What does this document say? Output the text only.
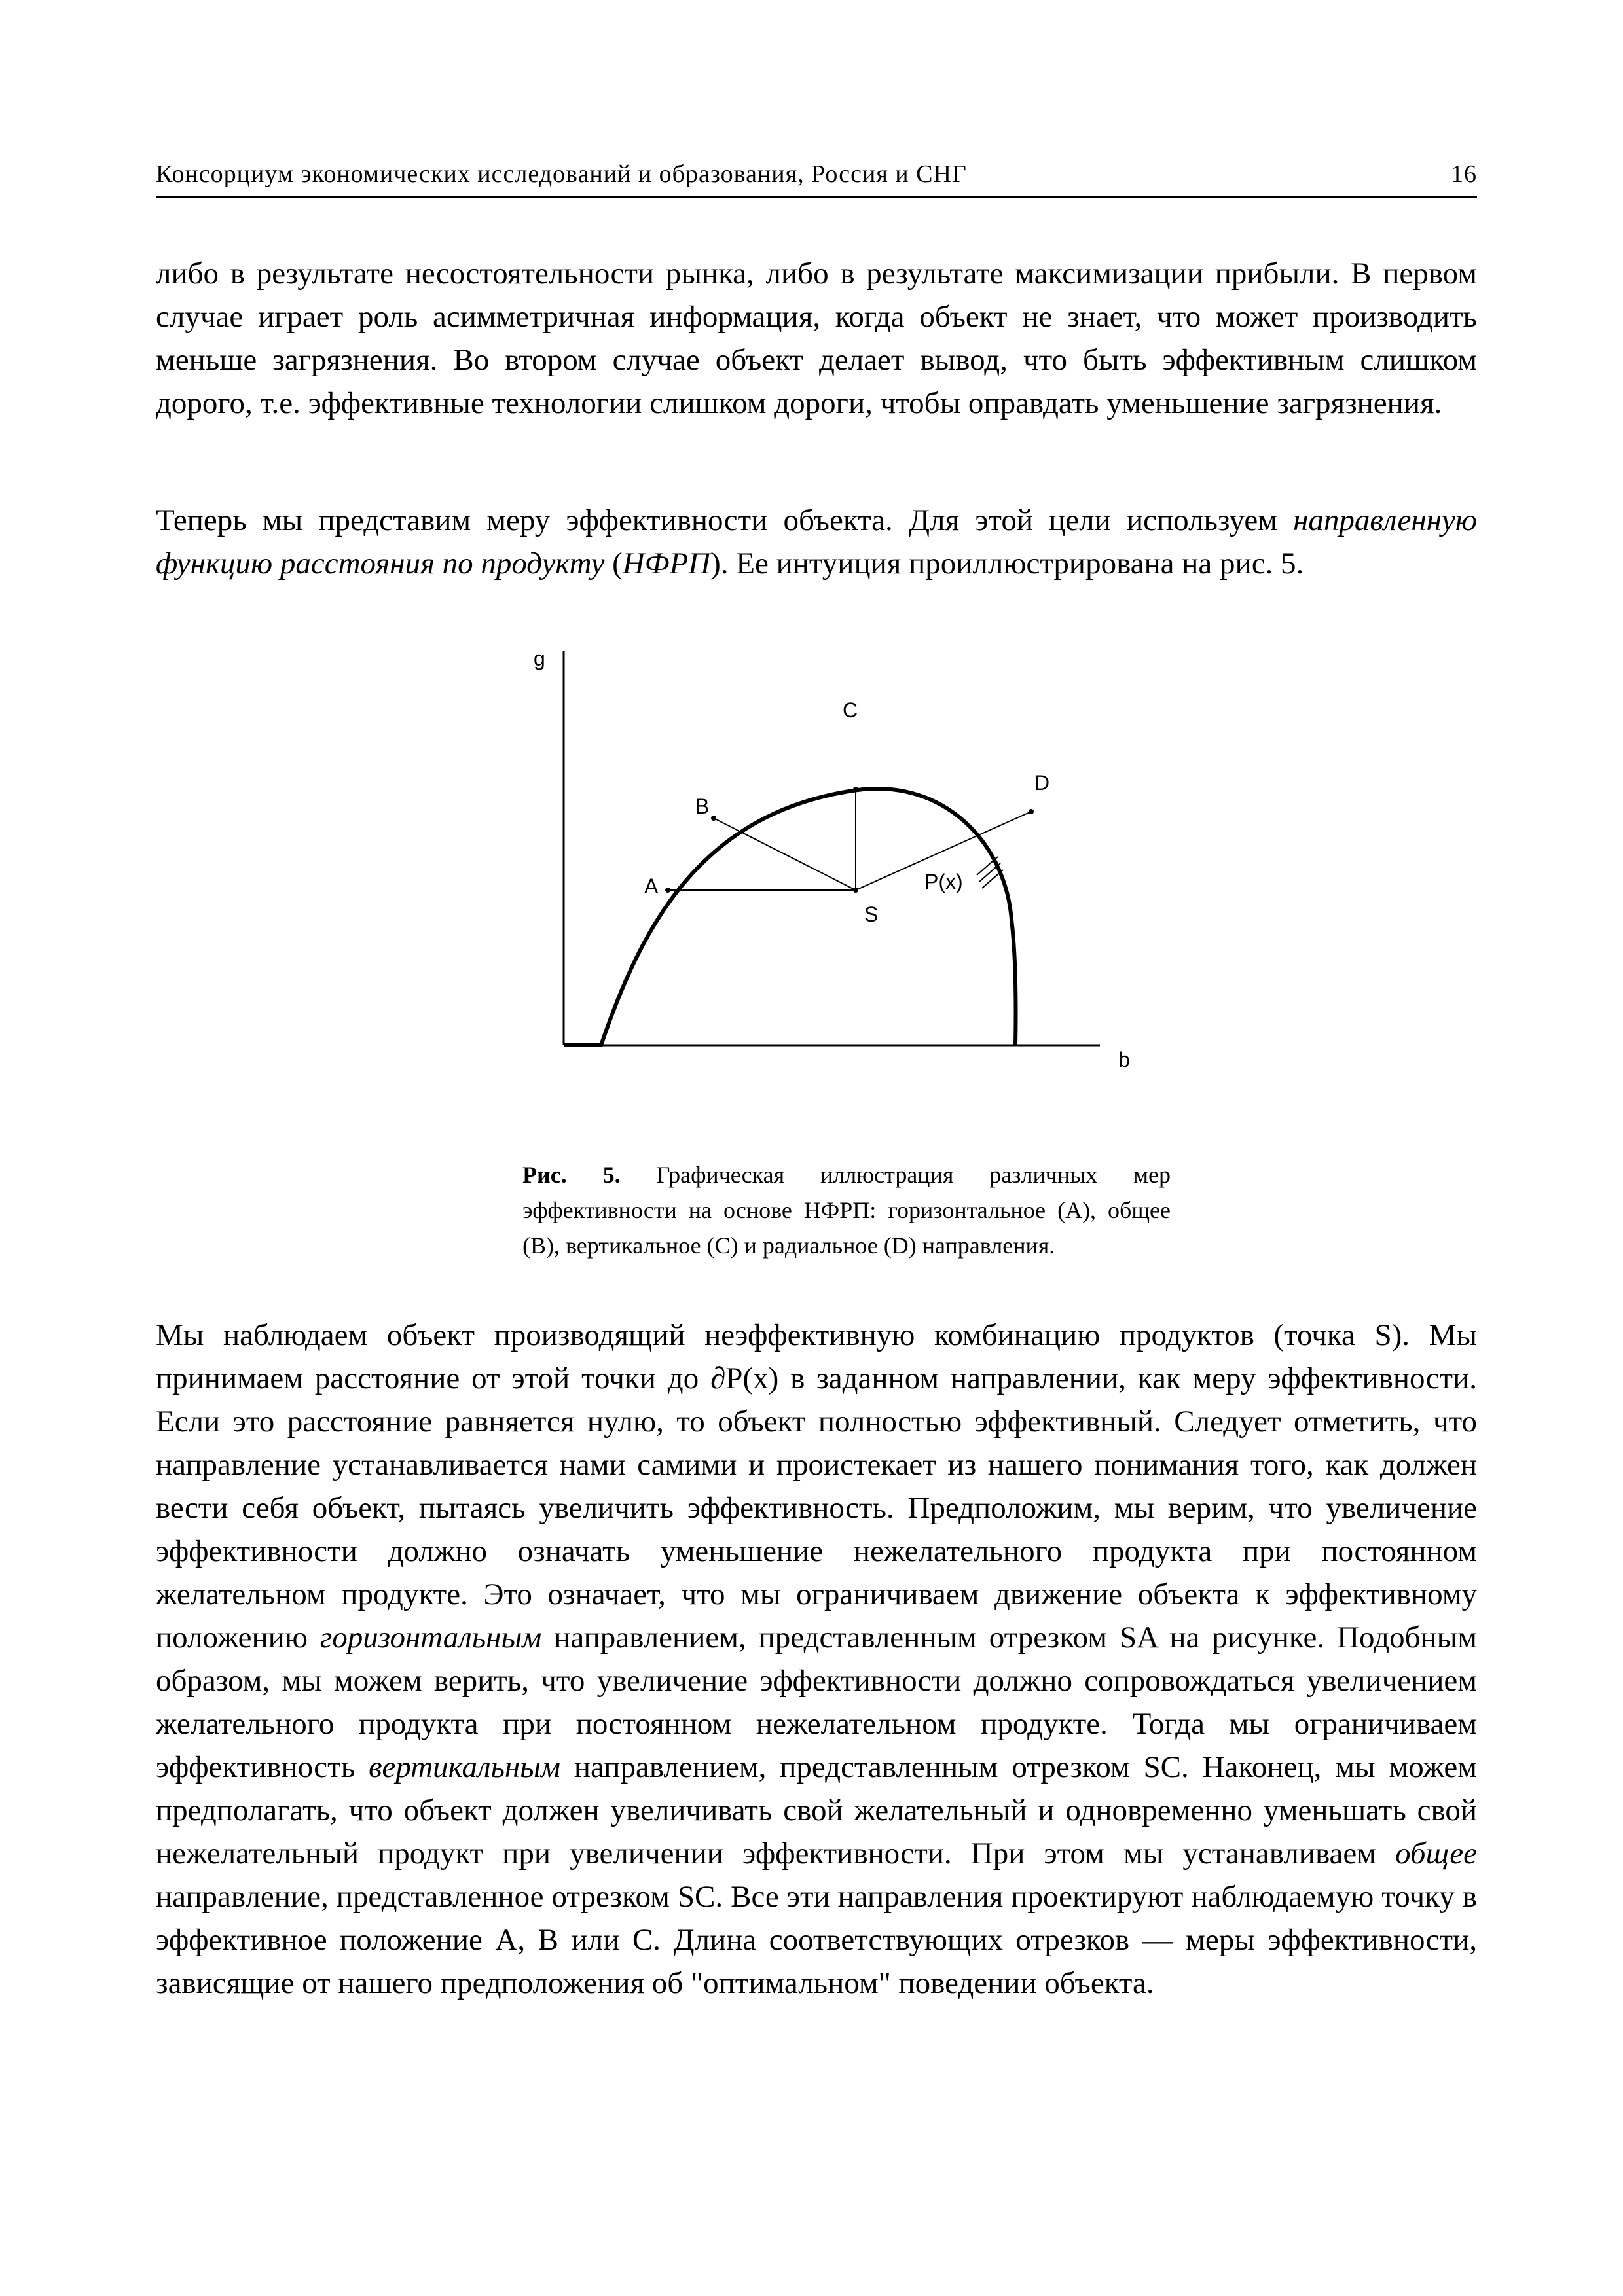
Консорциум экономических исследований и образования, Россия и СНГ	16

либо в результате несостоятельности рынка, либо в результате максимизации прибыли. В первом случае играет роль асимметричная информация, когда объект не знает, что может производить меньше загрязнения. Во втором случае объект делает вывод, что быть эффективным слишком дорого, т.е. эффективные технологии слишком дороги, чтобы оправдать уменьшение загрязнения.

Теперь мы представим меру эффективности объекта. Для этой цели используем направленную функцию расстояния по продукту (НФРП). Ее интуиция проиллюстрирована на рис. 5.

g
b
P(x)
A
B
C
D
S

Рис. 5. Графическая иллюстрация различных мер эффективности на основе НФРП: горизонтальное (A), общее (B), вертикальное (C) и радиальное (D) направления.

Мы наблюдаем объект производящий неэффективную комбинацию продуктов (точка S). Мы принимаем расстояние от этой точки до ∂P(x) в заданном направлении, как меру эффективности. Если это расстояние равняется нулю, то объект полностью эффективный. Следует отметить, что направление устанавливается нами самими и проистекает из нашего понимания того, как должен вести себя объект, пытаясь увеличить эффективность. Предположим, мы верим, что увеличение эффективности должно означать уменьшение нежелательного продукта при постоянном желательном продукте. Это означает, что мы ограничиваем движение объекта к эффективному положению горизонтальным направлением, представленным отрезком SA на рисунке. Подобным образом, мы можем верить, что увеличение эффективности должно сопровождаться увеличением желательного продукта при постоянном нежелательном продукте. Тогда мы ограничиваем эффективность вертикальным направлением, представленным отрезком SC. Наконец, мы можем предполагать, что объект должен увеличивать свой желательный и одновременно уменьшать свой нежелательный продукт при увеличении эффективности. При этом мы устанавливаем общее направление, представленное отрезком SC. Все эти направления проектируют наблюдаемую точку в эффективное положение A, B или C. Длина соответствующих отрезков — меры эффективности, зависящие от нашего предположения об "оптимальном" поведении объекта.
